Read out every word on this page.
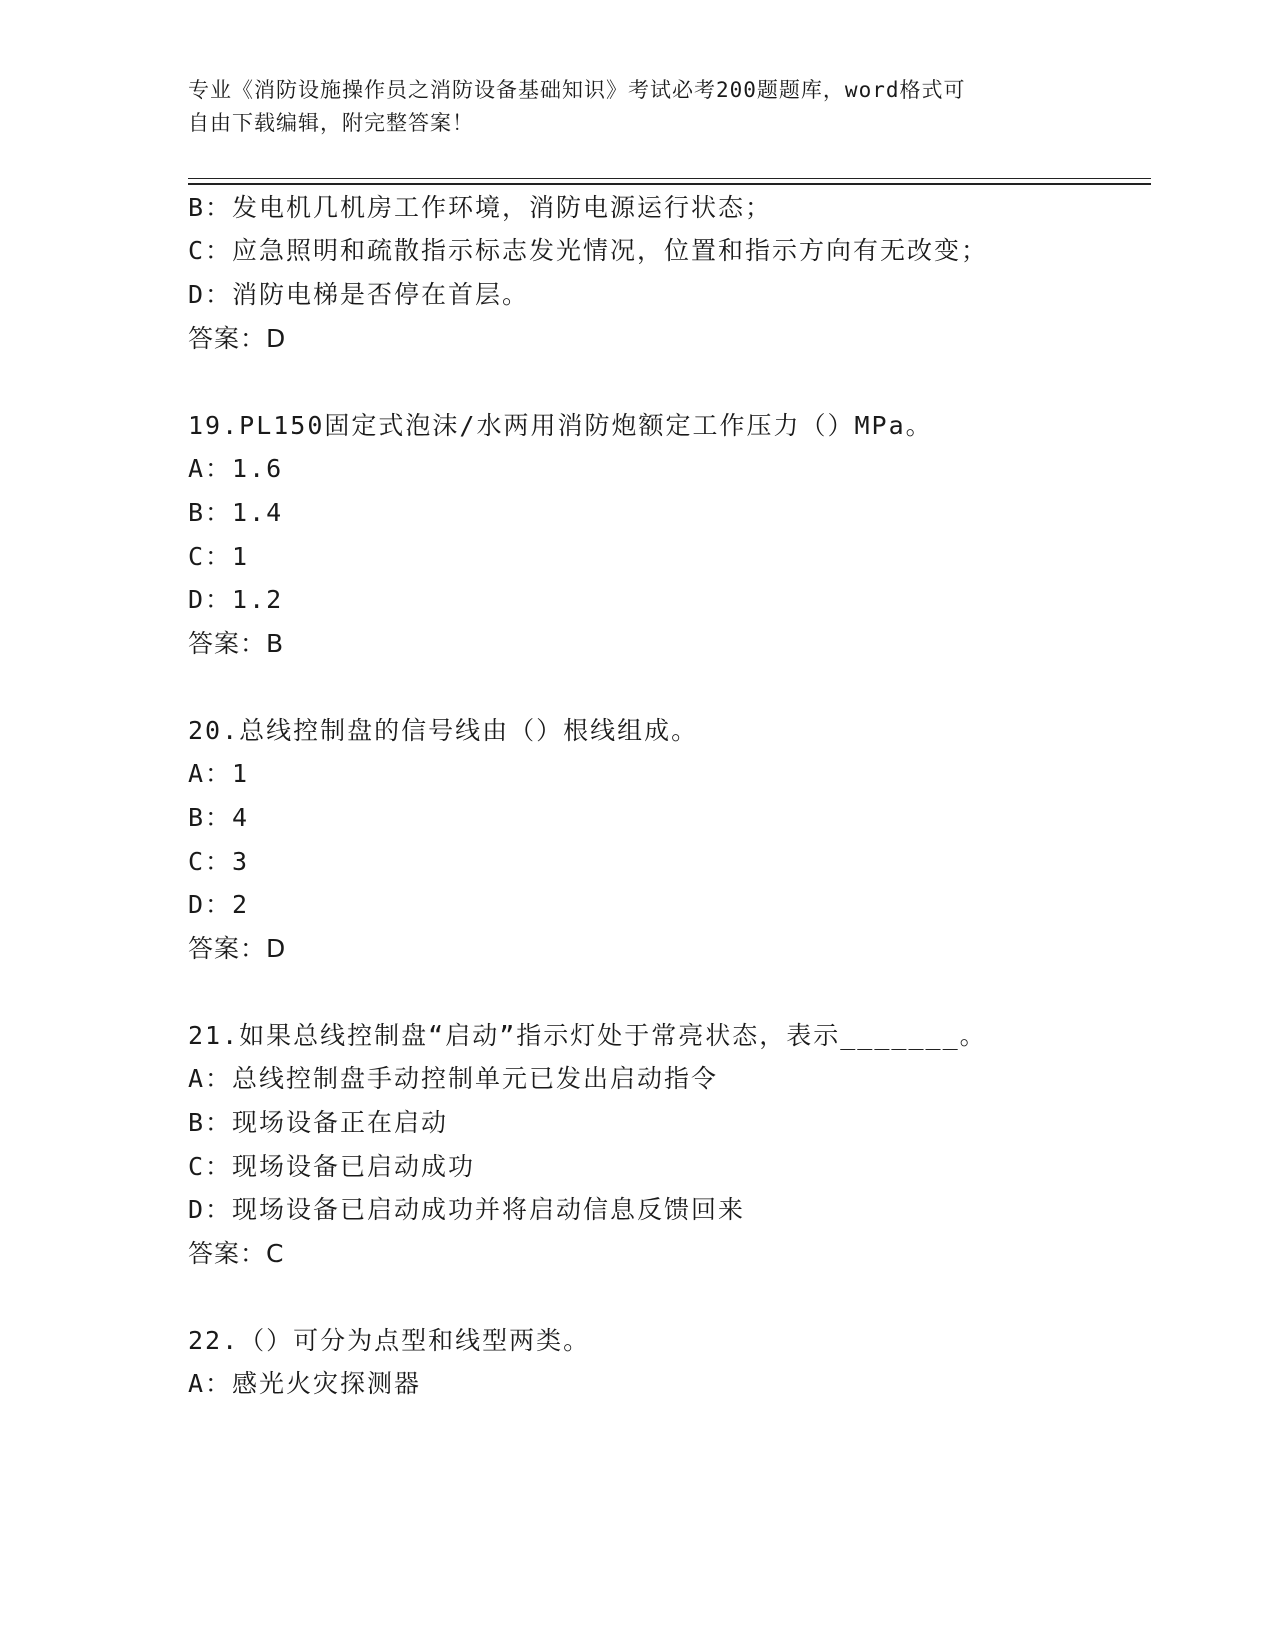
专业《消防设施操作员之消防设备基础知识》考试必考200题题库，word格式可
自由下载编辑，附完整答案！
B：发电机几机房工作环境，消防电源运行状态；
C：应急照明和疏散指示标志发光情况，位置和指示方向有无改变；
D：消防电梯是否停在首层。
答案：D
19.PL150固定式泡沫/水两用消防炮额定工作压力（）MPa。
A：1.6
B：1.4
C：1
D：1.2
答案：B
20.总线控制盘的信号线由（）根线组成。
A：1
B：4
C：3
D：2
答案：D
21.如果总线控制盘“启动”指示灯处于常亮状态，表示_______。
A：总线控制盘手动控制单元已发出启动指令
B：现场设备正在启动
C：现场设备已启动成功
D：现场设备已启动成功并将启动信息反馈回来
答案：C
22.（）可分为点型和线型两类。
A：感光火灾探测器
